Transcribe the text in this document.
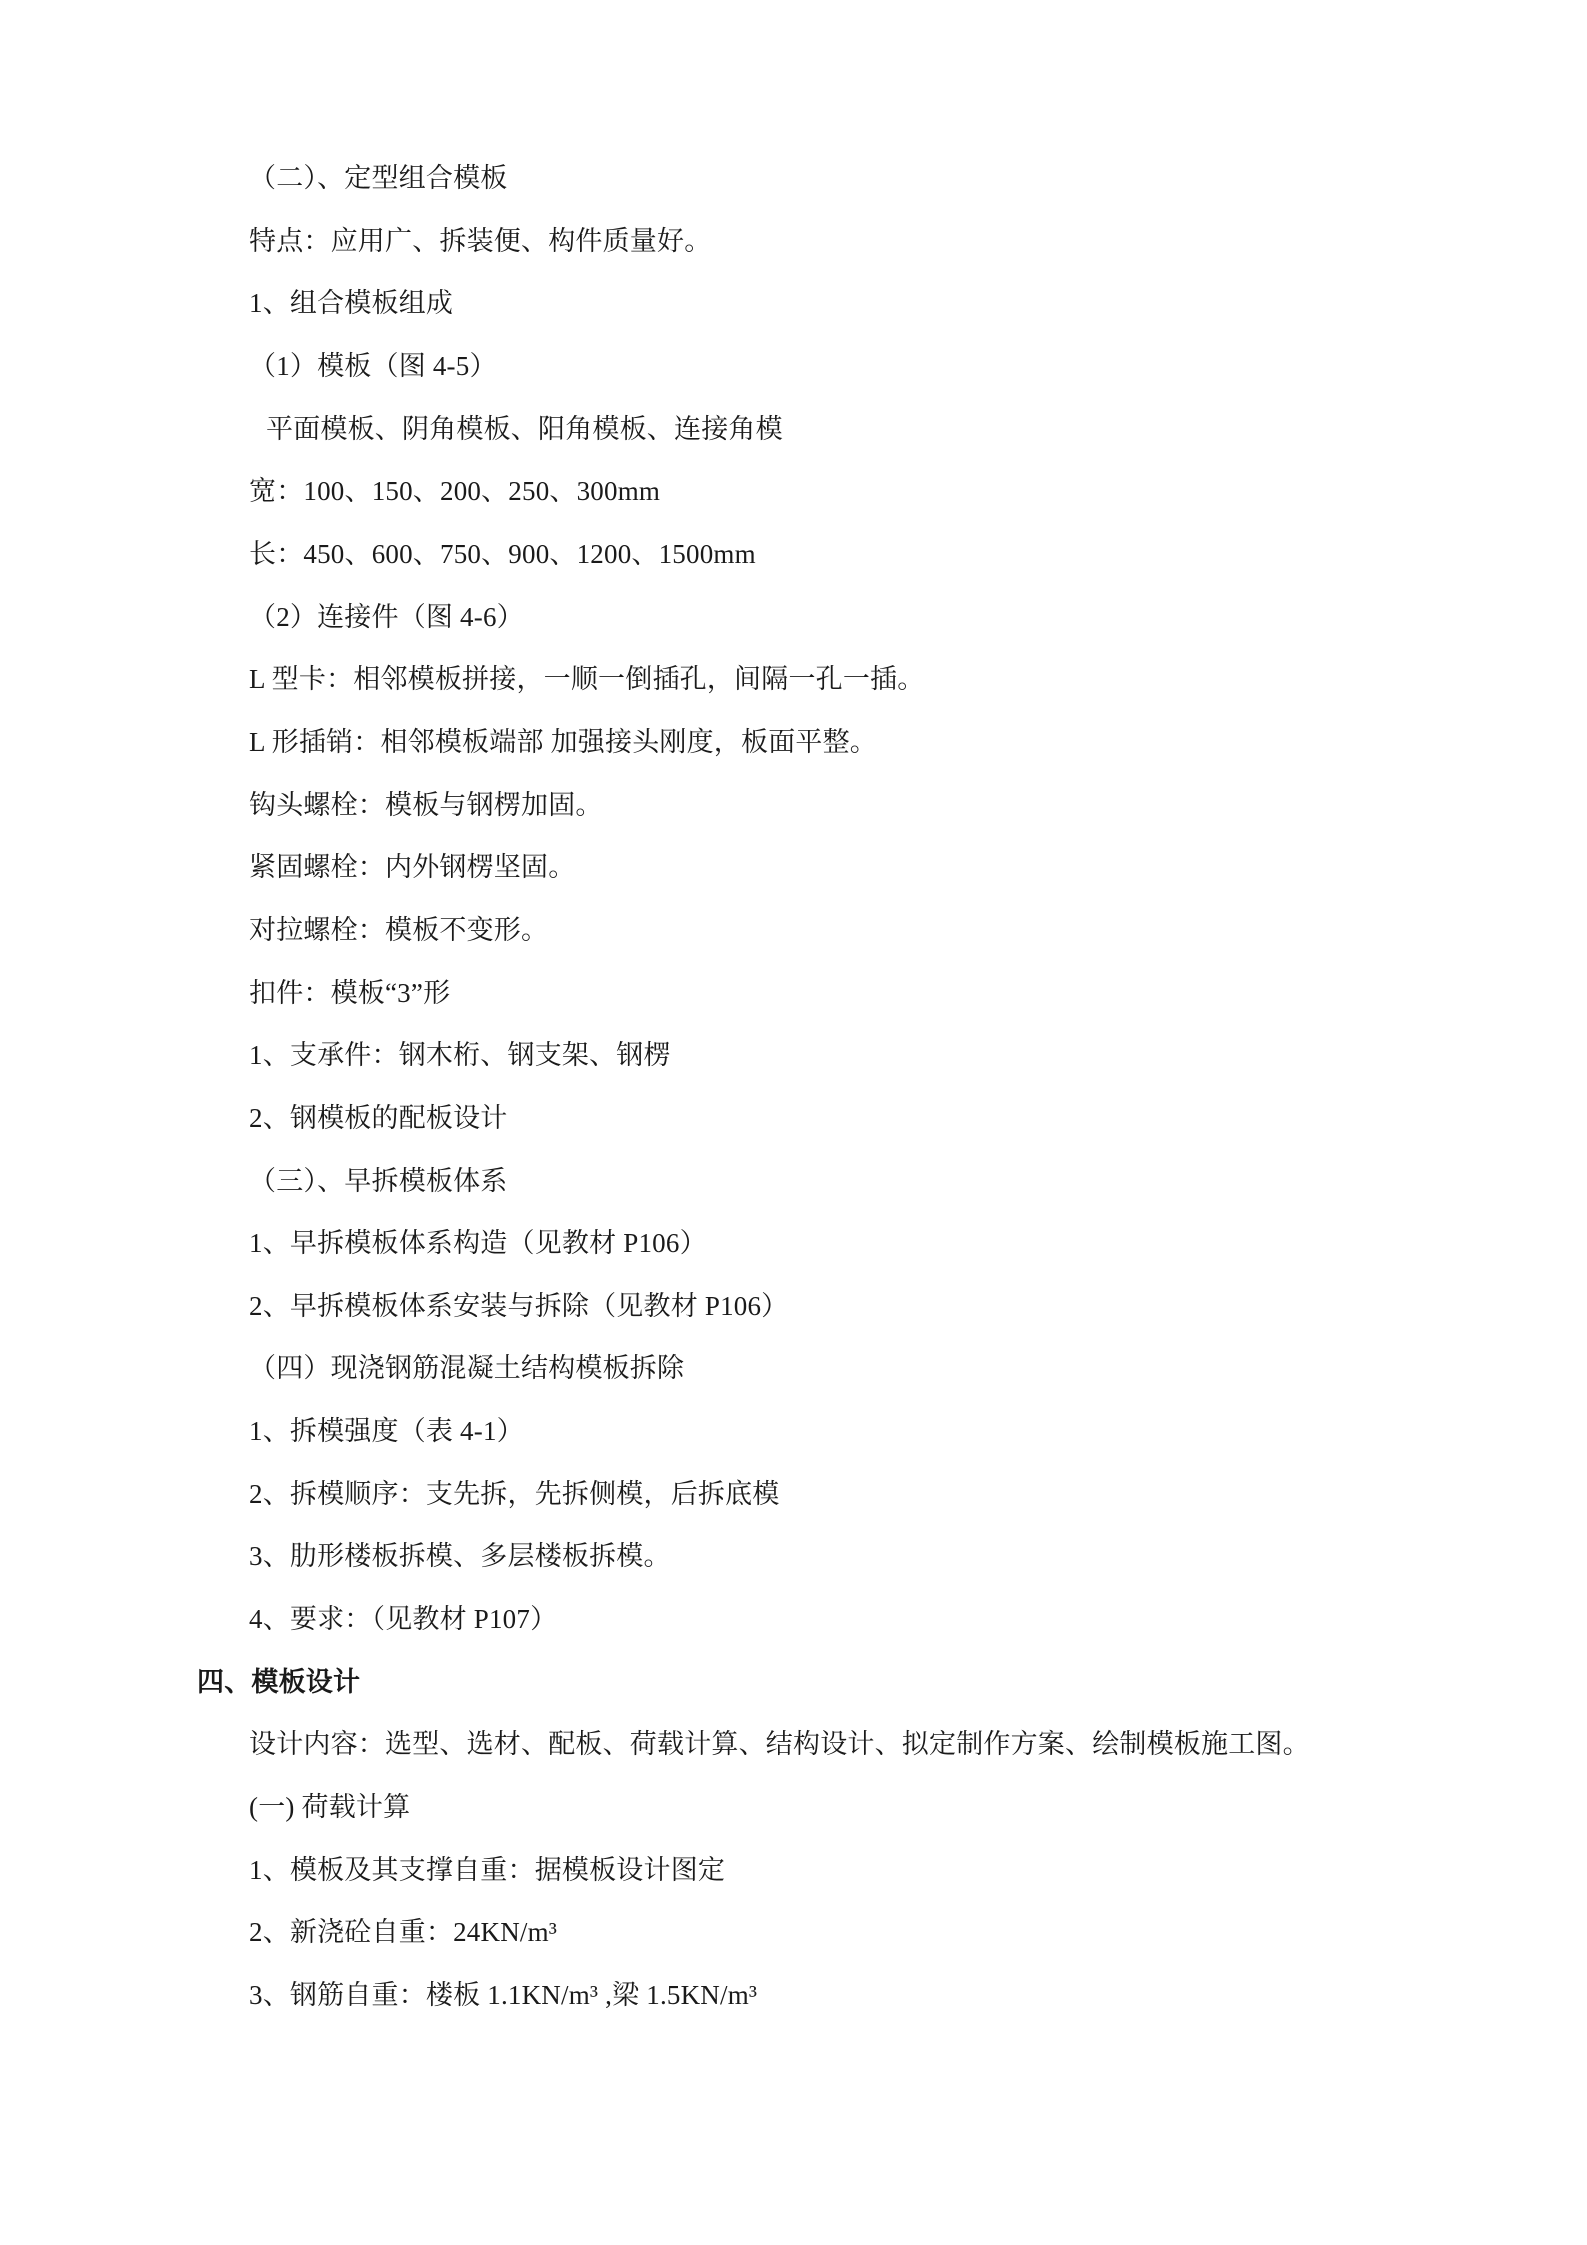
（二）、定型组合模板
特点：应用广、拆装便、构件质量好。
1、组合模板组成
（1）模板（图 4-5）
平面模板、阴角模板、阳角模板、连接角模
宽：100、150、200、250、300mm
长：450、600、750、900、1200、1500mm
（2）连接件（图 4-6）
L 型卡：相邻模板拼接，一顺一倒插孔，间隔一孔一插。
L 形插销：相邻模板端部 加强接头刚度，板面平整。
钩头螺栓：模板与钢楞加固。
紧固螺栓：内外钢楞坚固。
对拉螺栓：模板不变形。
扣件：模板“3”形
1、支承件：钢木桁、钢支架、钢楞
2、钢模板的配板设计
（三）、早拆模板体系
1、早拆模板体系构造（见教材 P106）
2、早拆模板体系安装与拆除（见教材 P106）
（四）现浇钢筋混凝土结构模板拆除
1、拆模强度（表 4-1）
2、拆模顺序：支先拆，先拆侧模，后拆底模
3、肋形楼板拆模、多层楼板拆模。
4、要求：（见教材 P107）
四、模板设计
设计内容：选型、选材、配板、荷载计算、结构设计、拟定制作方案、绘制模板施工图。
(一) 荷载计算
1、模板及其支撑自重：据模板设计图定
2、新浇砼自重：24KN/m³
3、钢筋自重：楼板 1.1KN/m³ ,梁 1.5KN/m³
